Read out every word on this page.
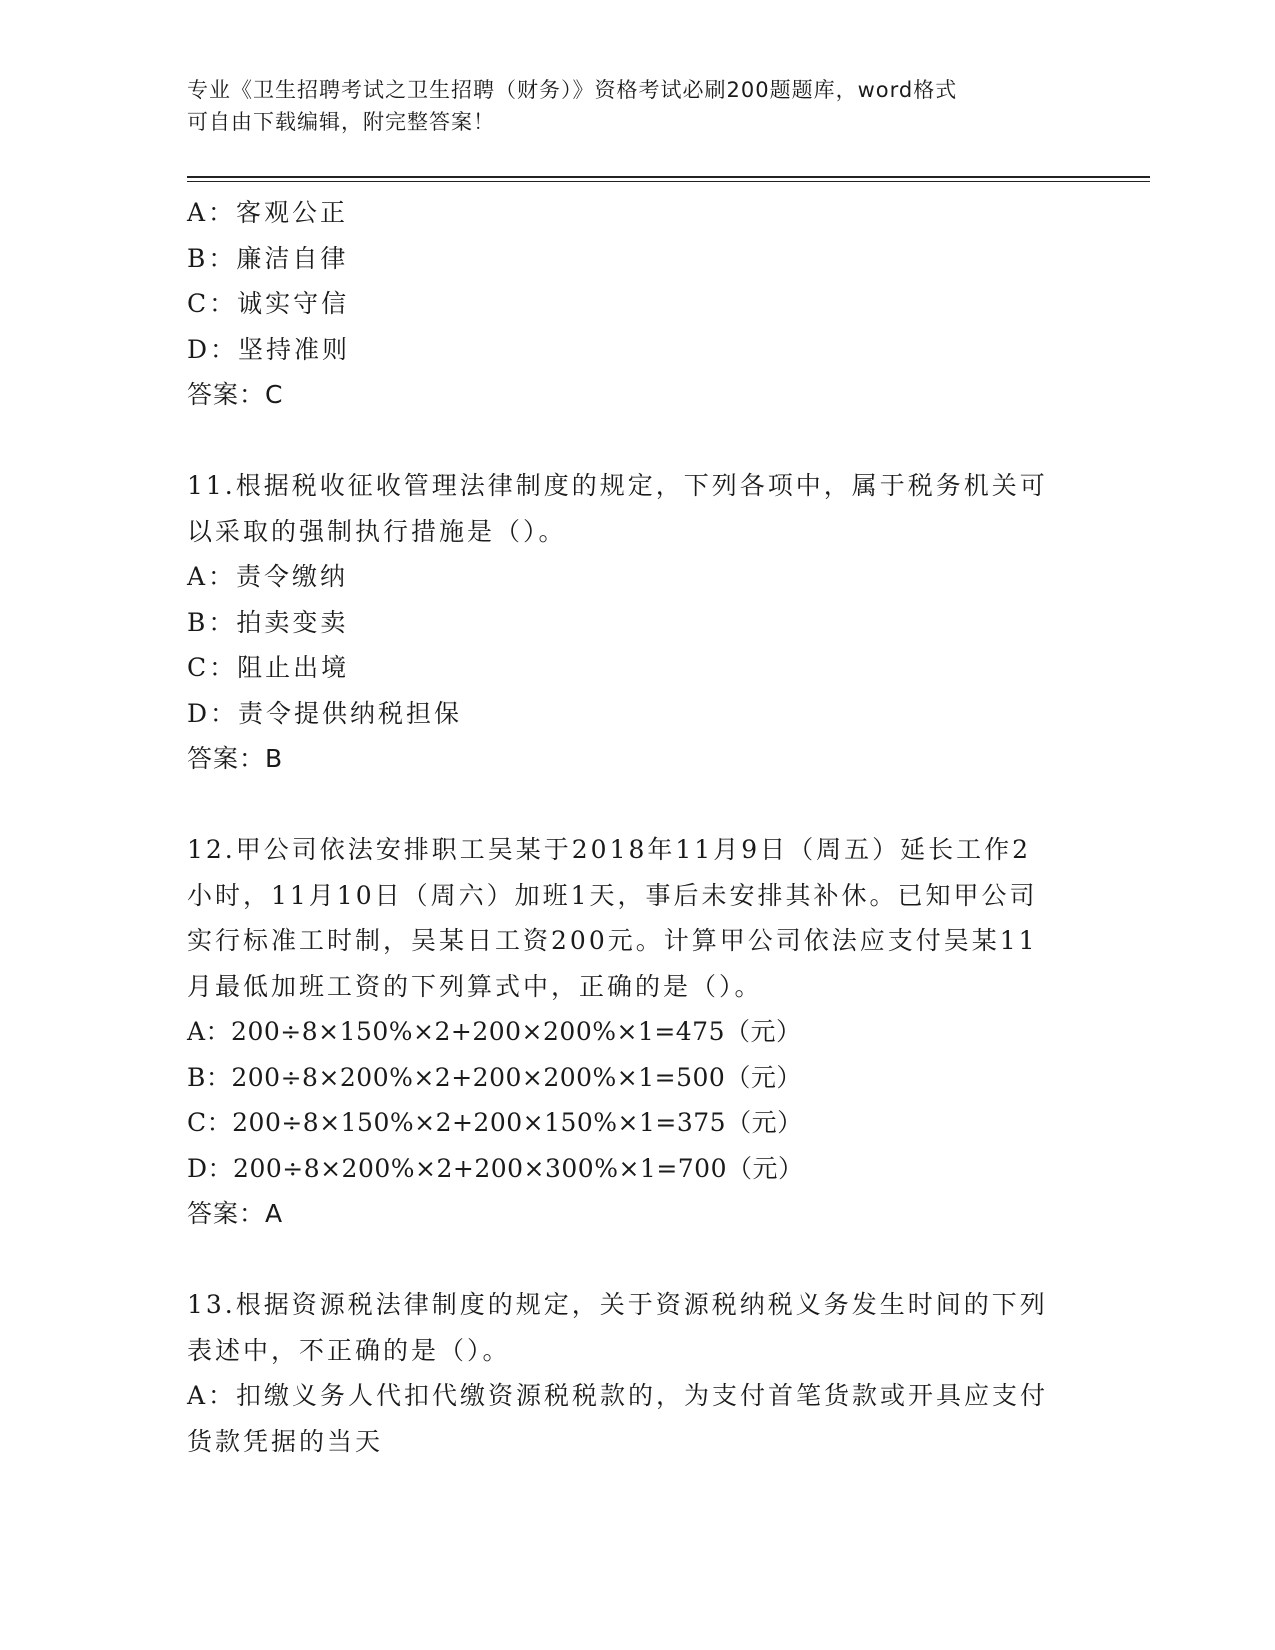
专业《卫生招聘考试之卫生招聘（财务）》资格考试必刷200题题库，word格式
可自由下载编辑，附完整答案！
A：客观公正
B：廉洁自律
C：诚实守信
D：坚持准则
答案：C
11.根据税收征收管理法律制度的规定，下列各项中，属于税务机关可
以采取的强制执行措施是（）。
A：责令缴纳
B：拍卖变卖
C：阻止出境
D：责令提供纳税担保
答案：B
12.甲公司依法安排职工吴某于2018年11月9日（周五）延长工作2
小时，11月10日（周六）加班1天，事后未安排其补休。已知甲公司
实行标准工时制，吴某日工资200元。计算甲公司依法应支付吴某11
月最低加班工资的下列算式中，正确的是（）。
A：200÷8×150%×2+200×200%×1=475（元）
B：200÷8×200%×2+200×200%×1=500（元）
C：200÷8×150%×2+200×150%×1=375（元）
D：200÷8×200%×2+200×300%×1=700（元）
答案：A
13.根据资源税法律制度的规定，关于资源税纳税义务发生时间的下列
表述中，不正确的是（）。
A：扣缴义务人代扣代缴资源税税款的，为支付首笔货款或开具应支付
货款凭据的当天
